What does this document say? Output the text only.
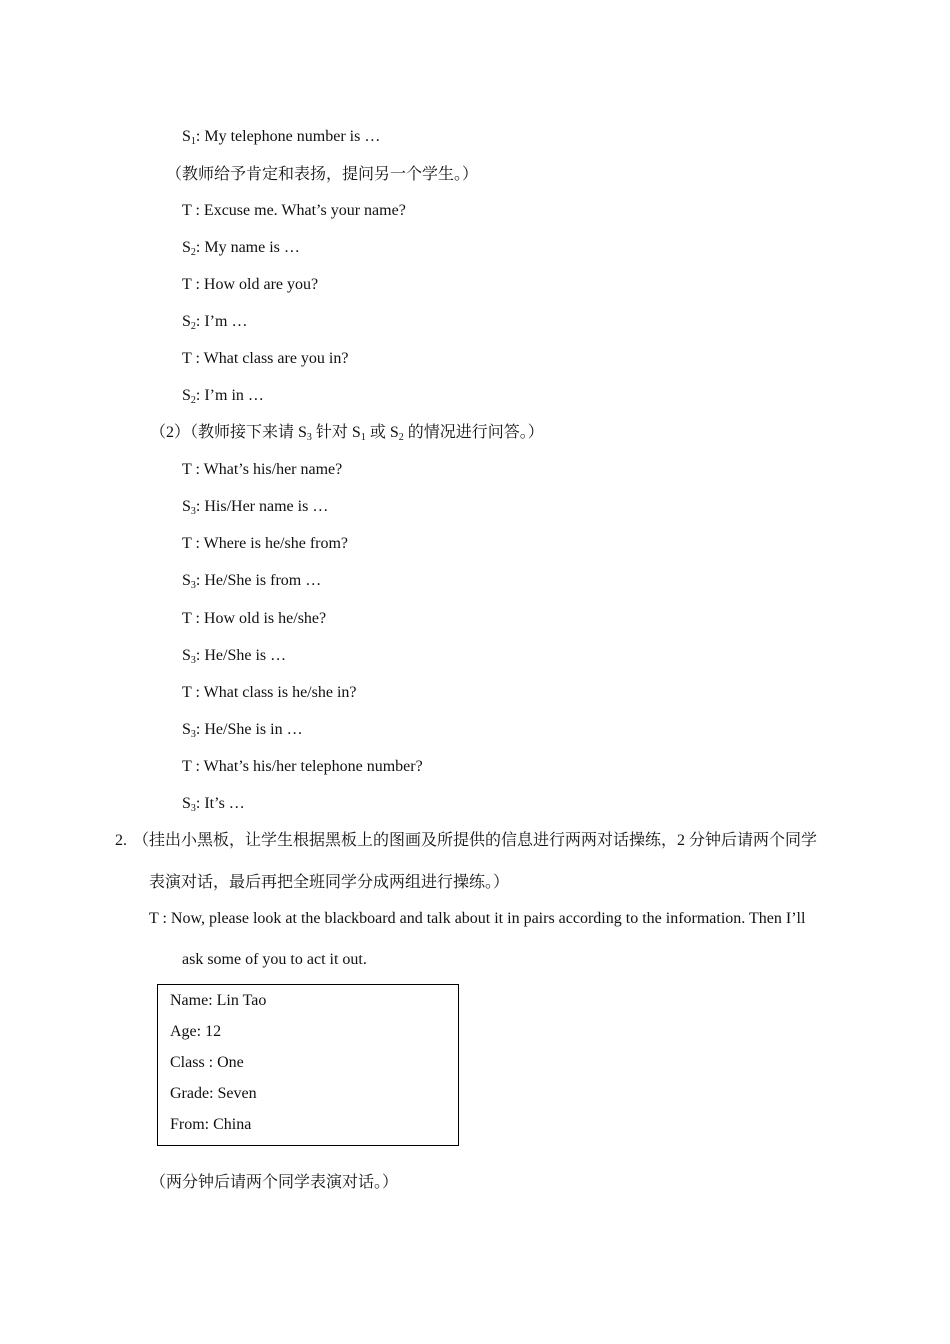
$S_1$: My telephone number is …
（教师给予肯定和表扬，提问另一个学生。）
T : Excuse me. What’s your name?
$S_2$: My name is …
T : How old are you?
$S_2$: I’m …
T : What class are you in?
$S_2$: I’m in …
（2）（教师接下来请 $S_3$ 针对 $S_1$ 或 $S_2$ 的情况进行问答。）
T : What’s his/her name?
$S_3$: His/Her name is …
T : Where is he/she from?
$S_3$: He/She is from …
T : How old is he/she?
$S_3$: He/She is …
T : What class is he/she in?
$S_3$: He/She is in …
T : What’s his/her telephone number?
$S_3$: It’s …
2. （挂出小黑板，让学生根据黑板上的图画及所提供的信息进行两两对话操练，2 分钟后请两个同学
表演对话，最后再把全班同学分成两组进行操练。）
T : Now, please look at the blackboard and talk about it in pairs according to the information. Then I’ll
ask some of you to act it out.
Name: Lin Tao
Age: 12
Class : One
Grade: Seven
From: China
（两分钟后请两个同学表演对话。）
